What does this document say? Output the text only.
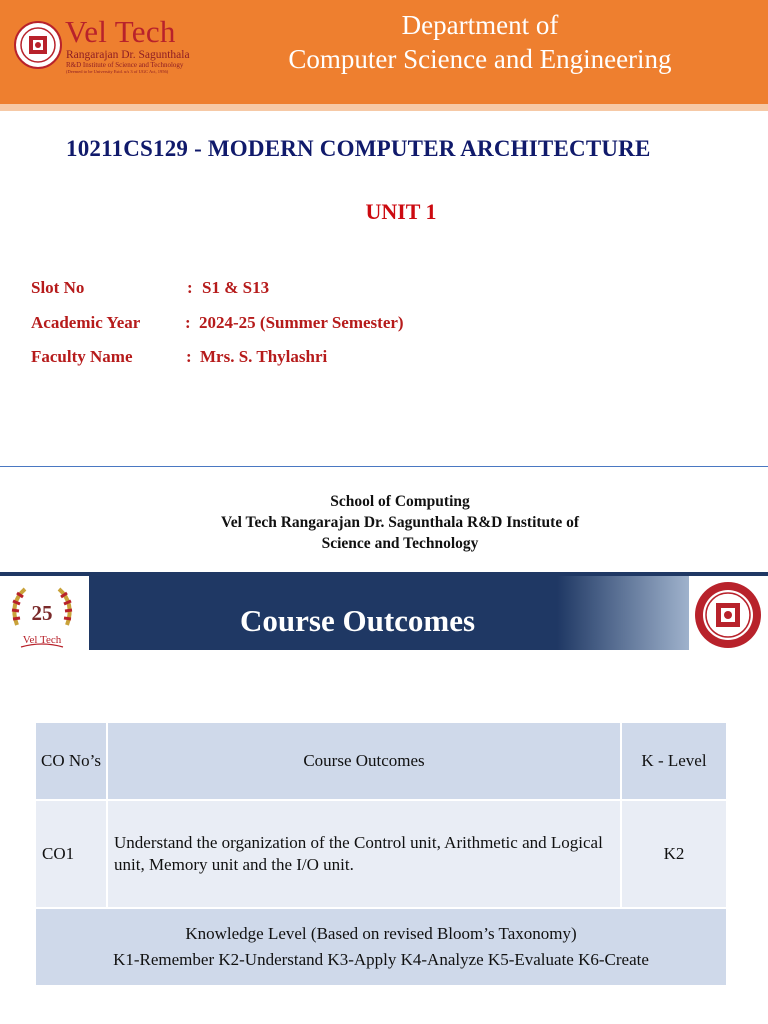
Vel Tech
Rangarajan Dr. Sagunthala
R&D Institute of Science and Technology
(Deemed to be University Estd. u/s 3 of UGC Act, 1956)
Department of
Computer Science and Engineering
10211CS129 - MODERN COMPUTER ARCHITECTURE
UNIT 1
Slot No	: S1 & S13
Academic Year	: 2024-25 (Summer Semester)
Faculty Name	: Mrs. S. Thylashri
School of Computing
Vel Tech Rangarajan Dr. Sagunthala R&D Institute of
Science and Technology
25
Vel Tech
Course Outcomes
CO No’s	Course Outcomes	K - Level
CO1	Understand the organization of the Control unit, Arithmetic and Logical unit, Memory unit and the I/O unit.	K2

Knowledge Level (Based on revised Bloom’s Taxonomy)
K1-Remember K2-Understand K3-Apply K4-Analyze K5-Evaluate K6-Create		
